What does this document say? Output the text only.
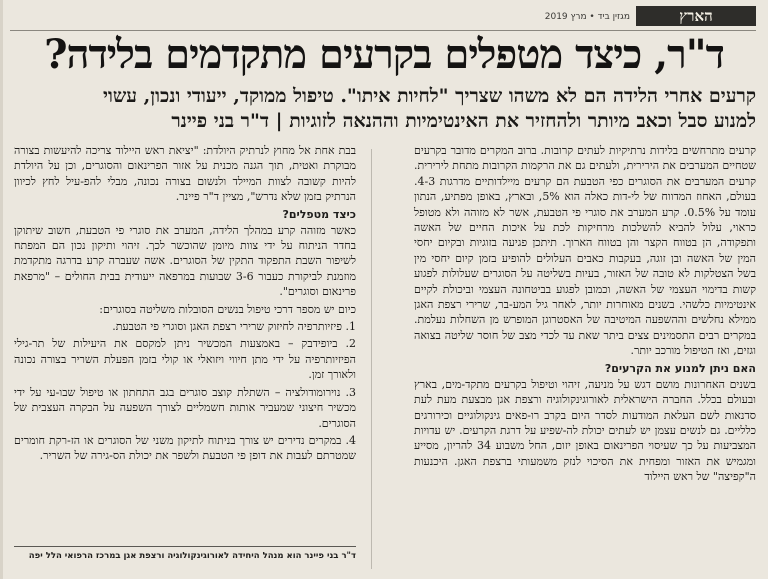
הארץ
מגזין ביד • מרץ 2019
ד"ר, כיצד מטפלים בקרעים מתקדמים בלידה?
קרעים אחרי הלידה הם לא משהו שצריך "לחיות איתו". טיפול ממוקד, ייעודי ונכון, עשוי
למנוע סבל וכאב מיותר ולהחזיר את האינטימיות וההנאה לזוגיות | ד"ר בני פיינר

קרעים מתרחשים בלידות נרתיקיות לעתים קרובות. ברוב המקרים מדובר בקרעים שטחיים המערבים את הירירית, ולעתים גם את הרקמות הקרובות מתחת לירירית. קרעים המערבים את הסוגרים כפי הטבעת הם קרעים מיילדותיים מדרגות 4-3. בעולם, האחוז המדווח של לי-דות כאלה הוא 5%, ובארץ, באופן מפתיע, הנתון עומד על 0.5%. קרע המערב את סוגרי פי הטבעת, אשר לא מזוהה ולא מטופל כראוי, עלול להביא להשלכות מרחיקות לכת על איכות החיים של האשה ותפקודה, הן בטווח הקצר והן בטווח הארוך. תיתכן פגיעה בזוגיות ובקיום יחסי המין של האשה ובן זוגה, בעקבות כאבים העלולים להופיע בזמן קיום יחסי מין בשל הצטלקות לא טובה של האזור, בעיות בשליטה על הסוגרים שעלולות לפגוע קשות בדימוי העצמי של האשה, וכמובן לפגוע בביטחונה העצמי וביכולת לקיים אינטימיות כלשהי. בשנים מאוחרות יותר, לאחר גיל המע-בר, שרירי רצפת האגן ממילא נחלשים וההשפעה המיטיבה של האסטרוגן המופרש מן השחלות נעלמת. במקרים רבים התסמינים צצים ביתר שאת עד לכדי מצב של חוסר שליטה בצואה וגזים, ואז הטיפול מורכב יותר.

האם ניתן למנוע את הקרעים?

בשנים האחרונות מושם דגש על מניעה, זיהוי וטיפול בקרעים מתקד-מים, בארץ ובעולם בכלל. החברה הישראלית לאורוגינקולוגיה ורצפת אגן מבצעת מעת לעת סדנאות לשם העלאת המודעות לסדר היום בקרב רו-פאים גינקולוגיים וכירורגים כלליים. גם לנשים עצמן יש לעתים יכולת לה-שפיע על דרגת הקרעים. יש עדויות המצביעות על כך שעיסוי הפרינאום באופן יזום, החל משבוע 34 להריון, מסייע ומגמיש את האזור ומפחית את הסיכוי לנזק משמעותי ברצפת האגן. היכנעות ה"קפיצה" של ראש היילוד

בבת אחת אל מחוץ לנרתיק היולדת: "יציאת ראש היילוד צריכה להיעשות בצורה מבוקרת ואטית, תוך הגנה מכנית על אזור הפרינאום והסוגרים, וכן על היולדת להיות קשובה לצוות המיילד ולנשום בצורה נכונה, מבלי להפ-עיל לחץ לכיוון הנרתיק בזמן שלא נדרש", מציין ד"ר פיינר.

כיצד מטפלים?

כאשר מזוהה קרע במהלך הלידה, המערב את סוגרי פי הטבעת, חשוב שיתוקן בחדר הניתוח על ידי צוות מיומן שהוכשר לכך. זיהוי ותיקון נכון הם המפתח לשיפור השבת התפקוד התקין של הסוגרים. אשה שעברה קרע בדרגה מתקדמת מוזמנת לביקורת כעבור 3-6 שבועות במרפאה ייעודית בבית החולים – "מרפאת פרינאום וסוגרים".

כיום יש מספר דרכי טיפול בנשים הסובלות משליטה בסוגרים:

1. פיזיותרפיה לחיזוק שרירי רצפת האגן וסוגרי פי הטבעת.
2. ביופידבק – באמצעות המכשיר ניתן למקסם את היעילות של תר-גילי הפיזיותרפיה על ידי מתן חיווי ויזואלי או קולי בזמן הפעלת השריר בצורה נכונה ולאורך זמן.
3. נוירומודולציה – השתלת קוצב סוגרים בגב התחתון או טיפול שבו-עי על ידי מכשיר חיצוני שמעביר אותות חשמליים לצורך השפעה על הבקרה העצבית של הסוגרים.
4. במקרים נדירים יש צורך בניתוח לתיקון משני של הסוגרים או הז-רקת חומרים שמטרתם לעבות את דופן פי הטבעת ולשפר את יכולת הס-גירה של השריר.
ד"ר בני פיינר הוא מנהל היחידה לאורוגינקולוגיה ורצפת אגן במרכז הרפואי הלל יפה
